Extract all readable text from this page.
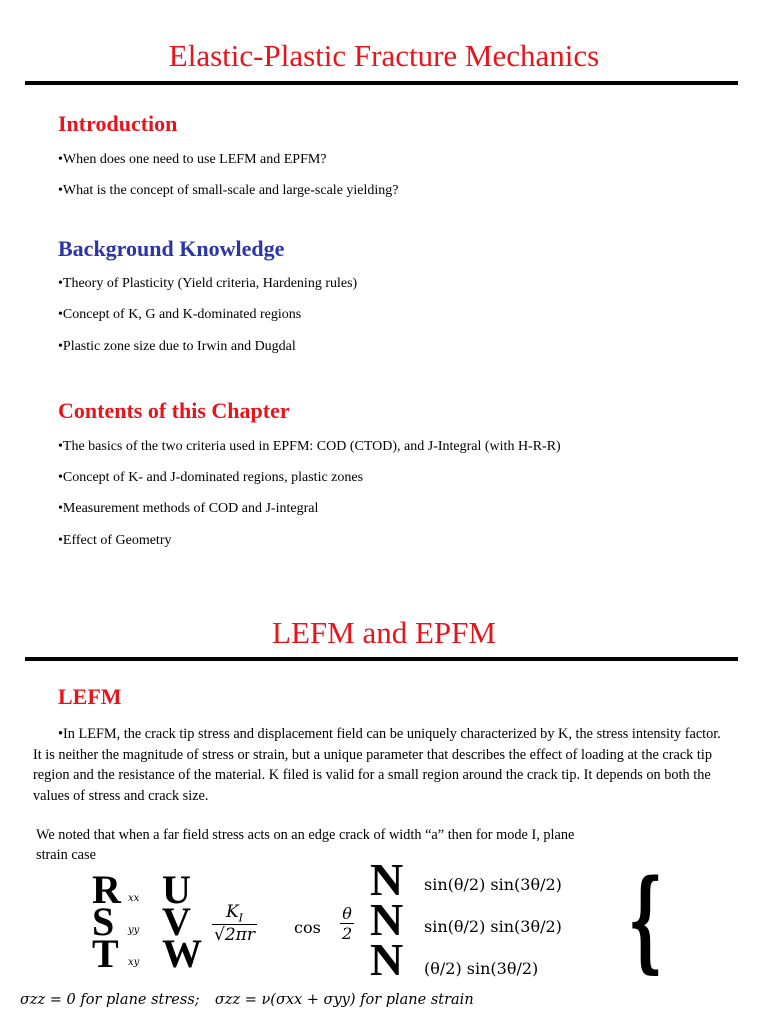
Elastic-Plastic Fracture Mechanics
Introduction
•When does one need to use LEFM and EPFM?
•What is the concept of small-scale and large-scale yielding?
Background Knowledge
•Theory of Plasticity (Yield criteria, Hardening rules)
•Concept of K, G and K-dominated regions
•Plastic zone size due to Irwin and Dugdal
Contents of this Chapter
•The basics of the two criteria used in EPFM: COD (CTOD), and J-Integral (with H-R-R)
•Concept of K- and J-dominated regions, plastic zones
•Measurement methods of COD and J-integral
•Effect of Geometry
LEFM and EPFM
LEFM
•In LEFM, the crack tip stress and displacement field can be uniquely characterized by K, the stress intensity factor. It is neither the magnitude of stress or strain, but a unique parameter that describes the effect of loading at the crack tip region and the resistance of the material. K filed is valid for a small region around the crack tip. It depends on both the values of stress and crack size.
We noted that when a far field stress acts on an edge crack of width “a” then for mode I, plane strain case
R
S
T
xx
yy
xy
U
V
W
$\frac{K_I}{√2\pi r}$ $\cos \frac{\theta}{2}$
N
N
N
sin(θ/2) sin(3θ/2)
sin(θ/2) sin(3θ/2)
(θ/2) sin(3θ/2) {
σzz = 0 for plane stress; σzz = ν(σxx + σyy) for plane strain
